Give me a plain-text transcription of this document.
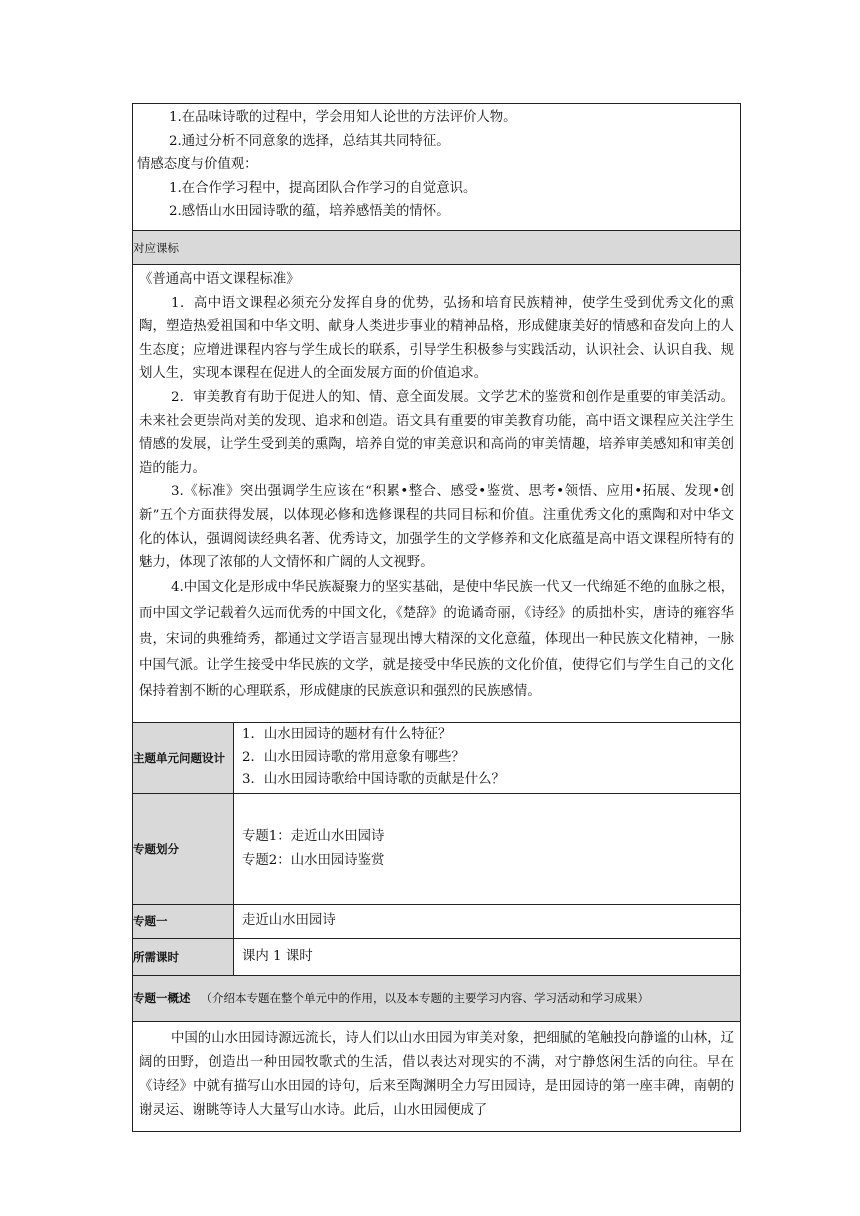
1.在品味诗歌的过程中，学会用知人论世的方法评价人物。
2.通过分析不同意象的选择，总结其共同特征。
情感态度与价值观：
1.在合作学习程中，提高团队合作学习的自觉意识。
2.感悟山水田园诗歌的蕴，培养感悟美的情怀。	

对应课标	

《普通高中语文课程标准》
1．高中语文课程必须充分发挥自身的优势，弘扬和培育民族精神，使学生受到优秀文化的熏陶，塑造热爱祖国和中华文明、献身人类进步事业的精神品格，形成健康美好的情感和奋发向上的人生态度；应增进课程内容与学生成长的联系，引导学生积极参与实践活动，认识社会、认识自我、规划人生，实现本课程在促进人的全面发展方面的价值追求。
2．审美教育有助于促进人的知、情、意全面发展。文学艺术的鉴赏和创作是重要的审美活动。未来社会更崇尚对美的发现、追求和创造。语文具有重要的审美教育功能，高中语文课程应关注学生情感的发展，让学生受到美的熏陶，培养自觉的审美意识和高尚的审美情趣，培养审美感知和审美创造的能力。
3.《标准》突出强调学生应该在“积累•整合、感受•鉴赏、思考•领悟、应用•拓展、发现•创新”五个方面获得发展，以体现必修和选修课程的共同目标和价值。注重优秀文化的熏陶和对中华文化的体认，强调阅读经典名著、优秀诗文，加强学生的文学修养和文化底蕴是高中语文课程所特有的魅力，体现了浓郁的人文情怀和广阔的人文视野。
4.中国文化是形成中华民族凝聚力的坚实基础，是使中华民族一代又一代绵延不绝的血脉之根，而中国文学记载着久远而优秀的中国文化，《楚辞》的诡谲奇丽，《诗经》的质拙朴实，唐诗的雍容华贵，宋词的典雅绮秀，都通过文学语言显现出博大精深的文化意蕴，体现出一种民族文化精神，一脉中国气派。让学生接受中华民族的文学，就是接受中华民族的文化价值，使得它们与学生自己的文化保持着割不断的心理联系，形成健康的民族意识和强烈的民族感情。	

主题单元问题设计	1．山水田园诗的题材有什么特征？
2．山水田园诗歌的常用意象有哪些？
3．山水田园诗歌给中国诗歌的贡献是什么？

专题划分	专题1：走近山水田园诗
专题2：山水田园诗鉴赏

专题一	走近山水田园诗
所需课时	课内 1 课时
专题一概述 （介绍本专题在整个单元中的作用，以及本专题的主要学习内容、学习活动和学习成果）	

中国的山水田园诗源远流长，诗人们以山水田园为审美对象，把细腻的笔触投向静谧的山林，辽阔的田野，创造出一种田园牧歌式的生活，借以表达对现实的不满，对宁静悠闲生活的向往。早在《诗经》中就有描写山水田园的诗句，后来至陶渊明全力写田园诗，是田园诗的第一座丰碑，南朝的谢灵运、谢眺等诗人大量写山水诗。此后，山水田园便成了	
